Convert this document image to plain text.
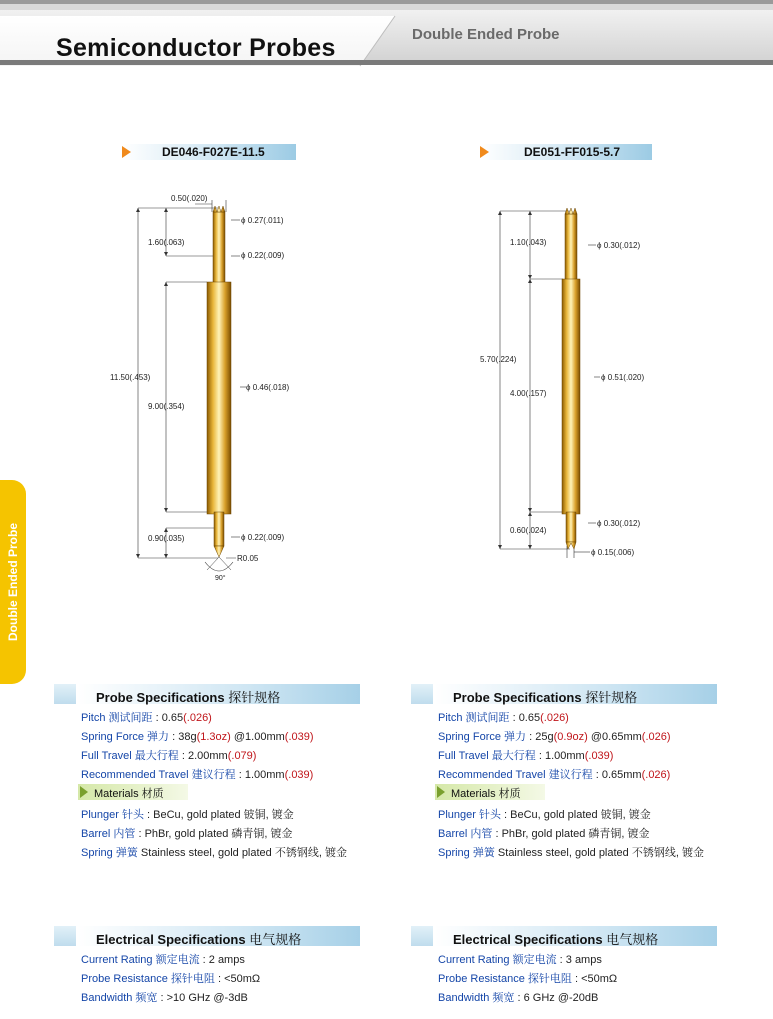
Semiconductor Probes	Double Ended Probe
Double Ended Probe
DE046-F027E-11.5	DE051-FF015-5.7
0.50(.020)
ϕ 0.27(.011)
1.60(.063)
ϕ 0.22(.009)
11.50(.453)
9.00(.354)
ϕ 0.46(.018)
0.90(.035)	ϕ 0.22(.009)
R0.05
90°
1.10(.043)	ϕ 0.30(.012)
5.70(.224)
ϕ 0.51(.020)
4.00(.157)
0.60(.024)
ϕ 0.30(.012)
ϕ 0.15(.006)
Probe Specifications 探针规格
Pitch 测试间距 : 0.65(.026)
Spring Force 弹力 : 38g(1.3oz) @1.00mm(.039)
Full Travel 最大行程 : 2.00mm(.079)
Recommended Travel 建议行程 : 1.00mm(.039)
Materials 材质
Plunger 针头 : BeCu, gold plated 铍铜, 镀金
Barrel 内管 : PhBr, gold plated 磷青铜, 镀金
Spring 弹簧 Stainless steel, gold plated 不锈钢线, 镀金
Probe Specifications 探针规格
Pitch 测试间距 : 0.65(.026)
Spring Force 弹力 : 25g(0.9oz) @0.65mm(.026)
Full Travel 最大行程 : 1.00mm(.039)
Recommended Travel 建议行程 : 0.65mm(.026)
Materials 材质
Plunger 针头 : BeCu, gold plated 铍铜, 镀金
Barrel 内管 : PhBr, gold plated 磷青铜, 镀金
Spring 弹簧 Stainless steel, gold plated 不锈钢线, 镀金
Electrical Specifications 电气规格
Current Rating 额定电流 : 2 amps
Probe Resistance 探针电阻 : <50mΩ
Bandwidth 频宽 : >10 GHz @-3dB
Electrical Specifications 电气规格
Current Rating 额定电流 : 3 amps
Probe Resistance 探针电阻 : <50mΩ
Bandwidth 频宽 : 6 GHz @-20dB
